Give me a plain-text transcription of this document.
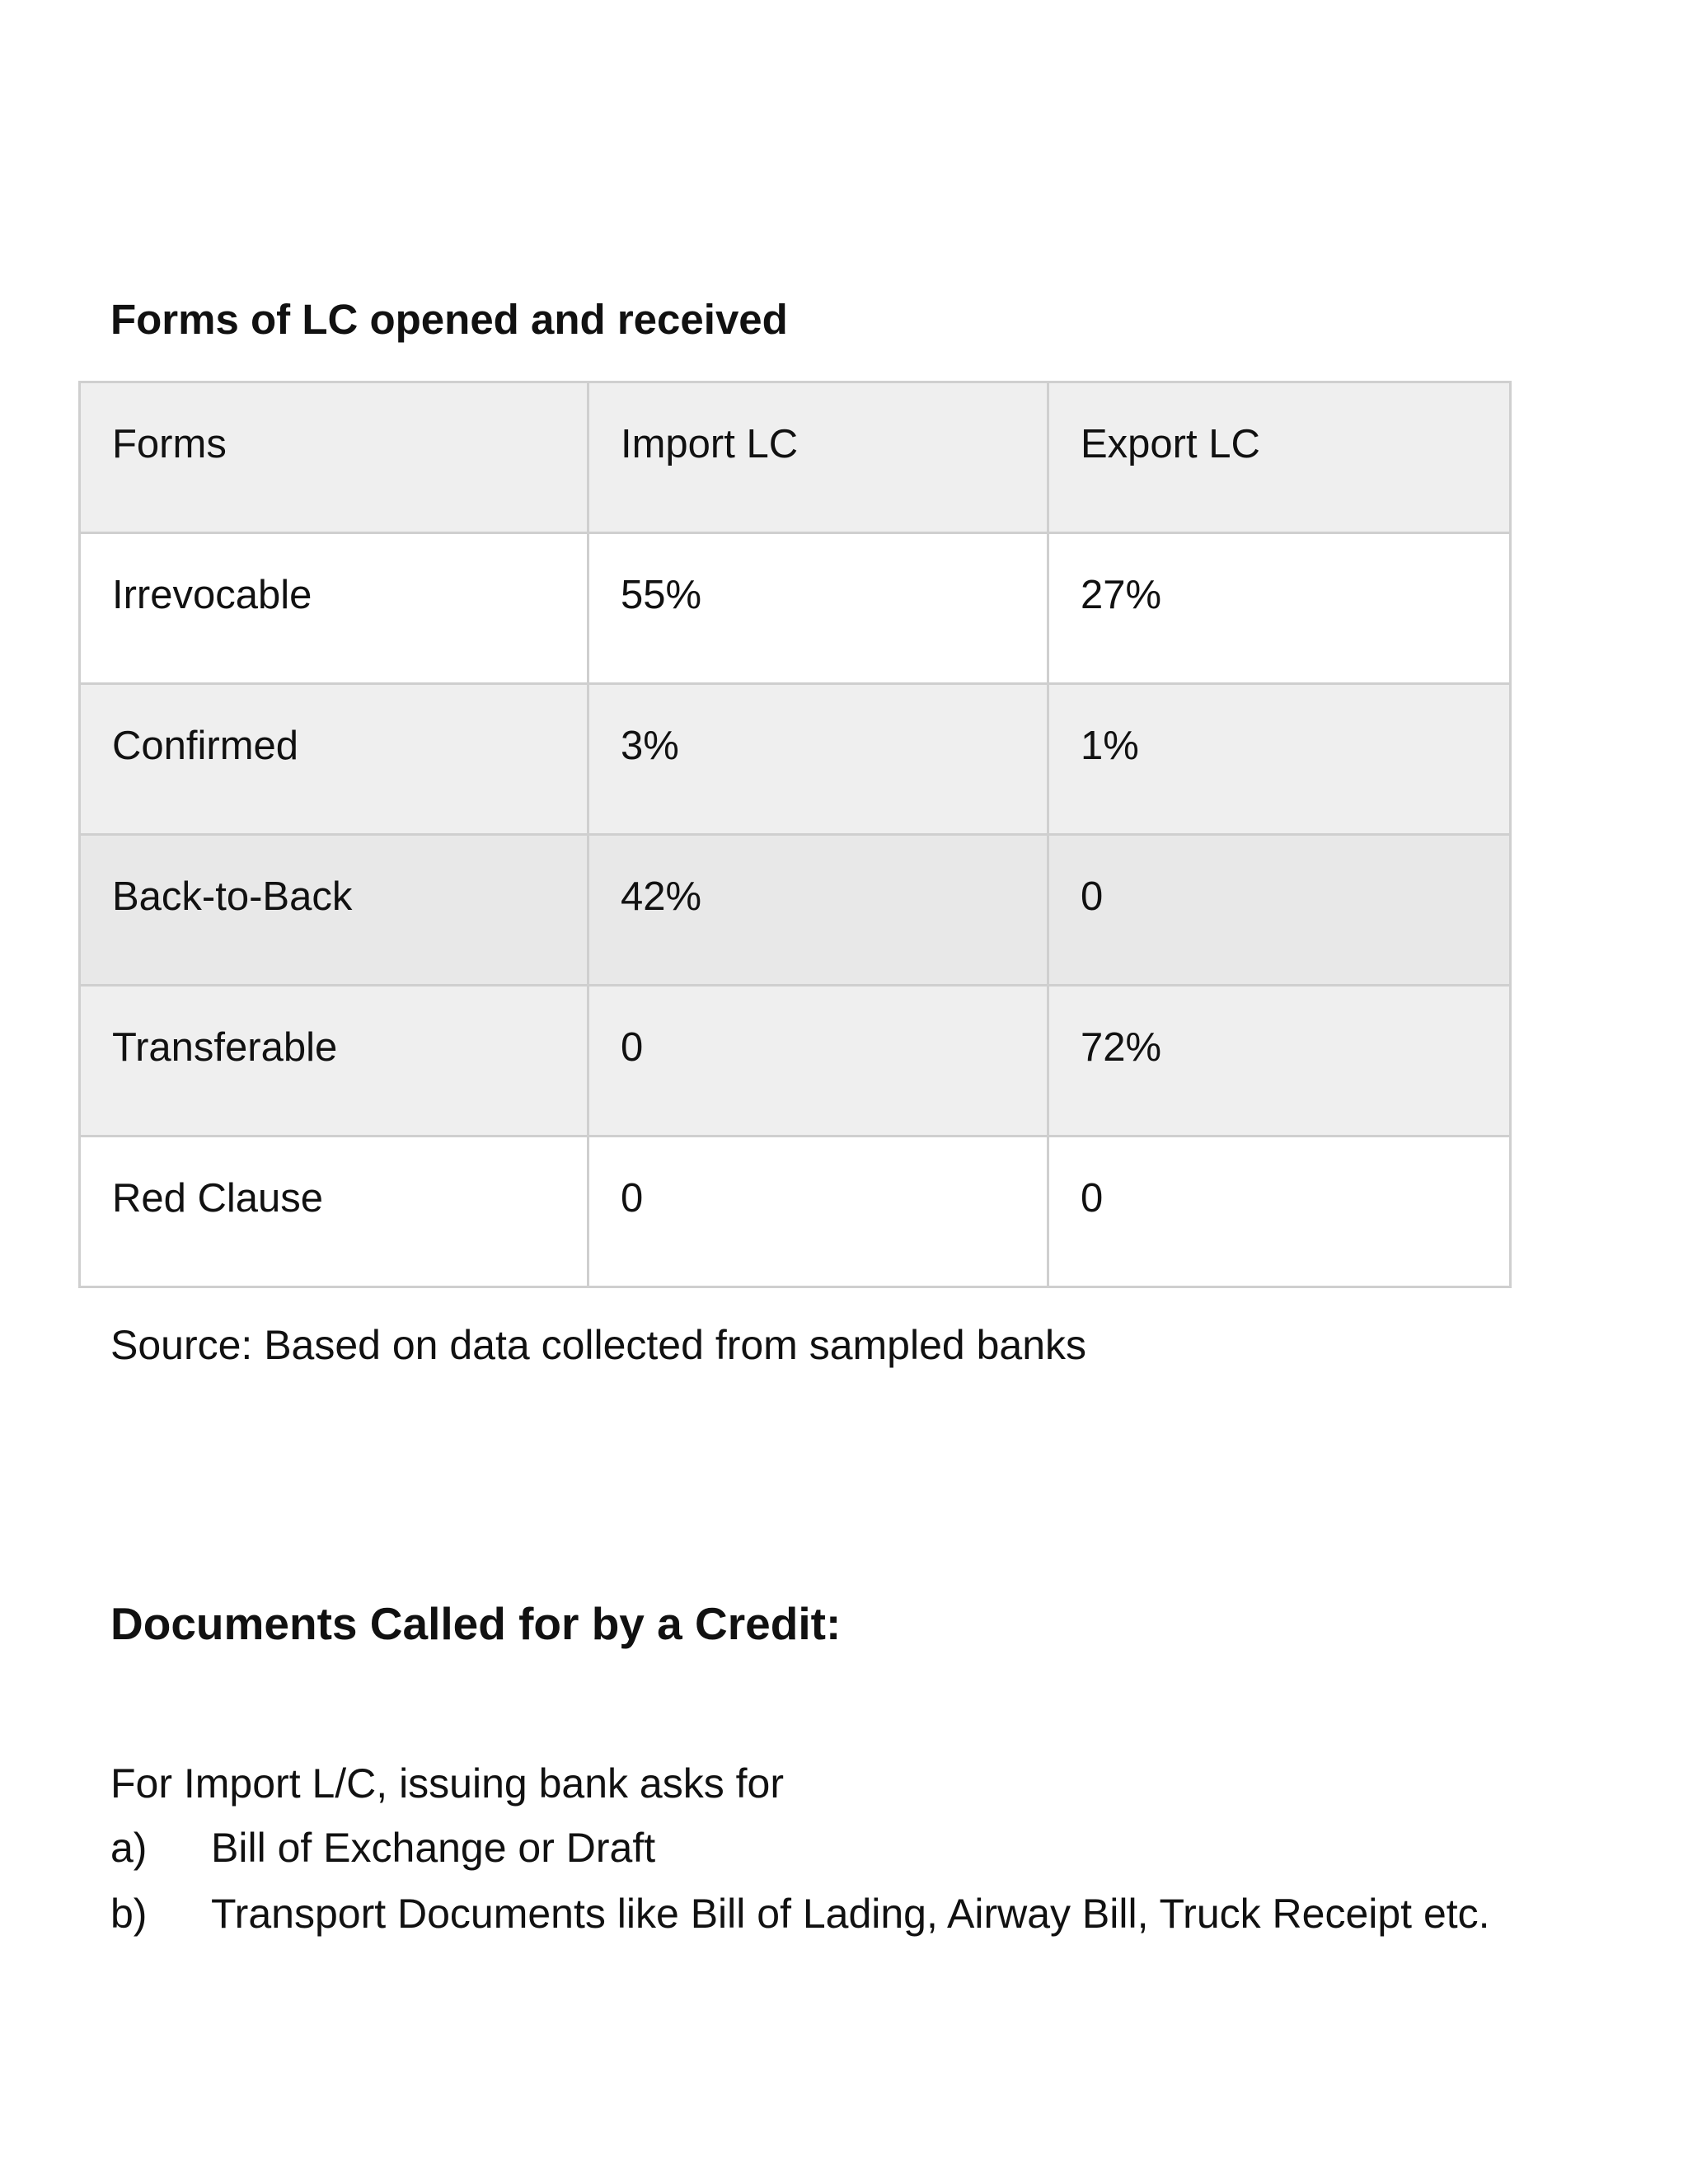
Forms of LC opened and received
Forms	Import LC	Export LC

Irrevocable	55%	27%

Confirmed	3%	1%

Back-to-Back	42%	0

Transferable	0	72%

Red Clause	0	0

Source: Based on data collected from sampled banks

Documents Called for by a Credit:

For Import L/C, issuing bank asks for

a) Bill of Exchange or Draft
b) Transport Documents like Bill of Lading, Airway Bill, Truck Receipt etc.
